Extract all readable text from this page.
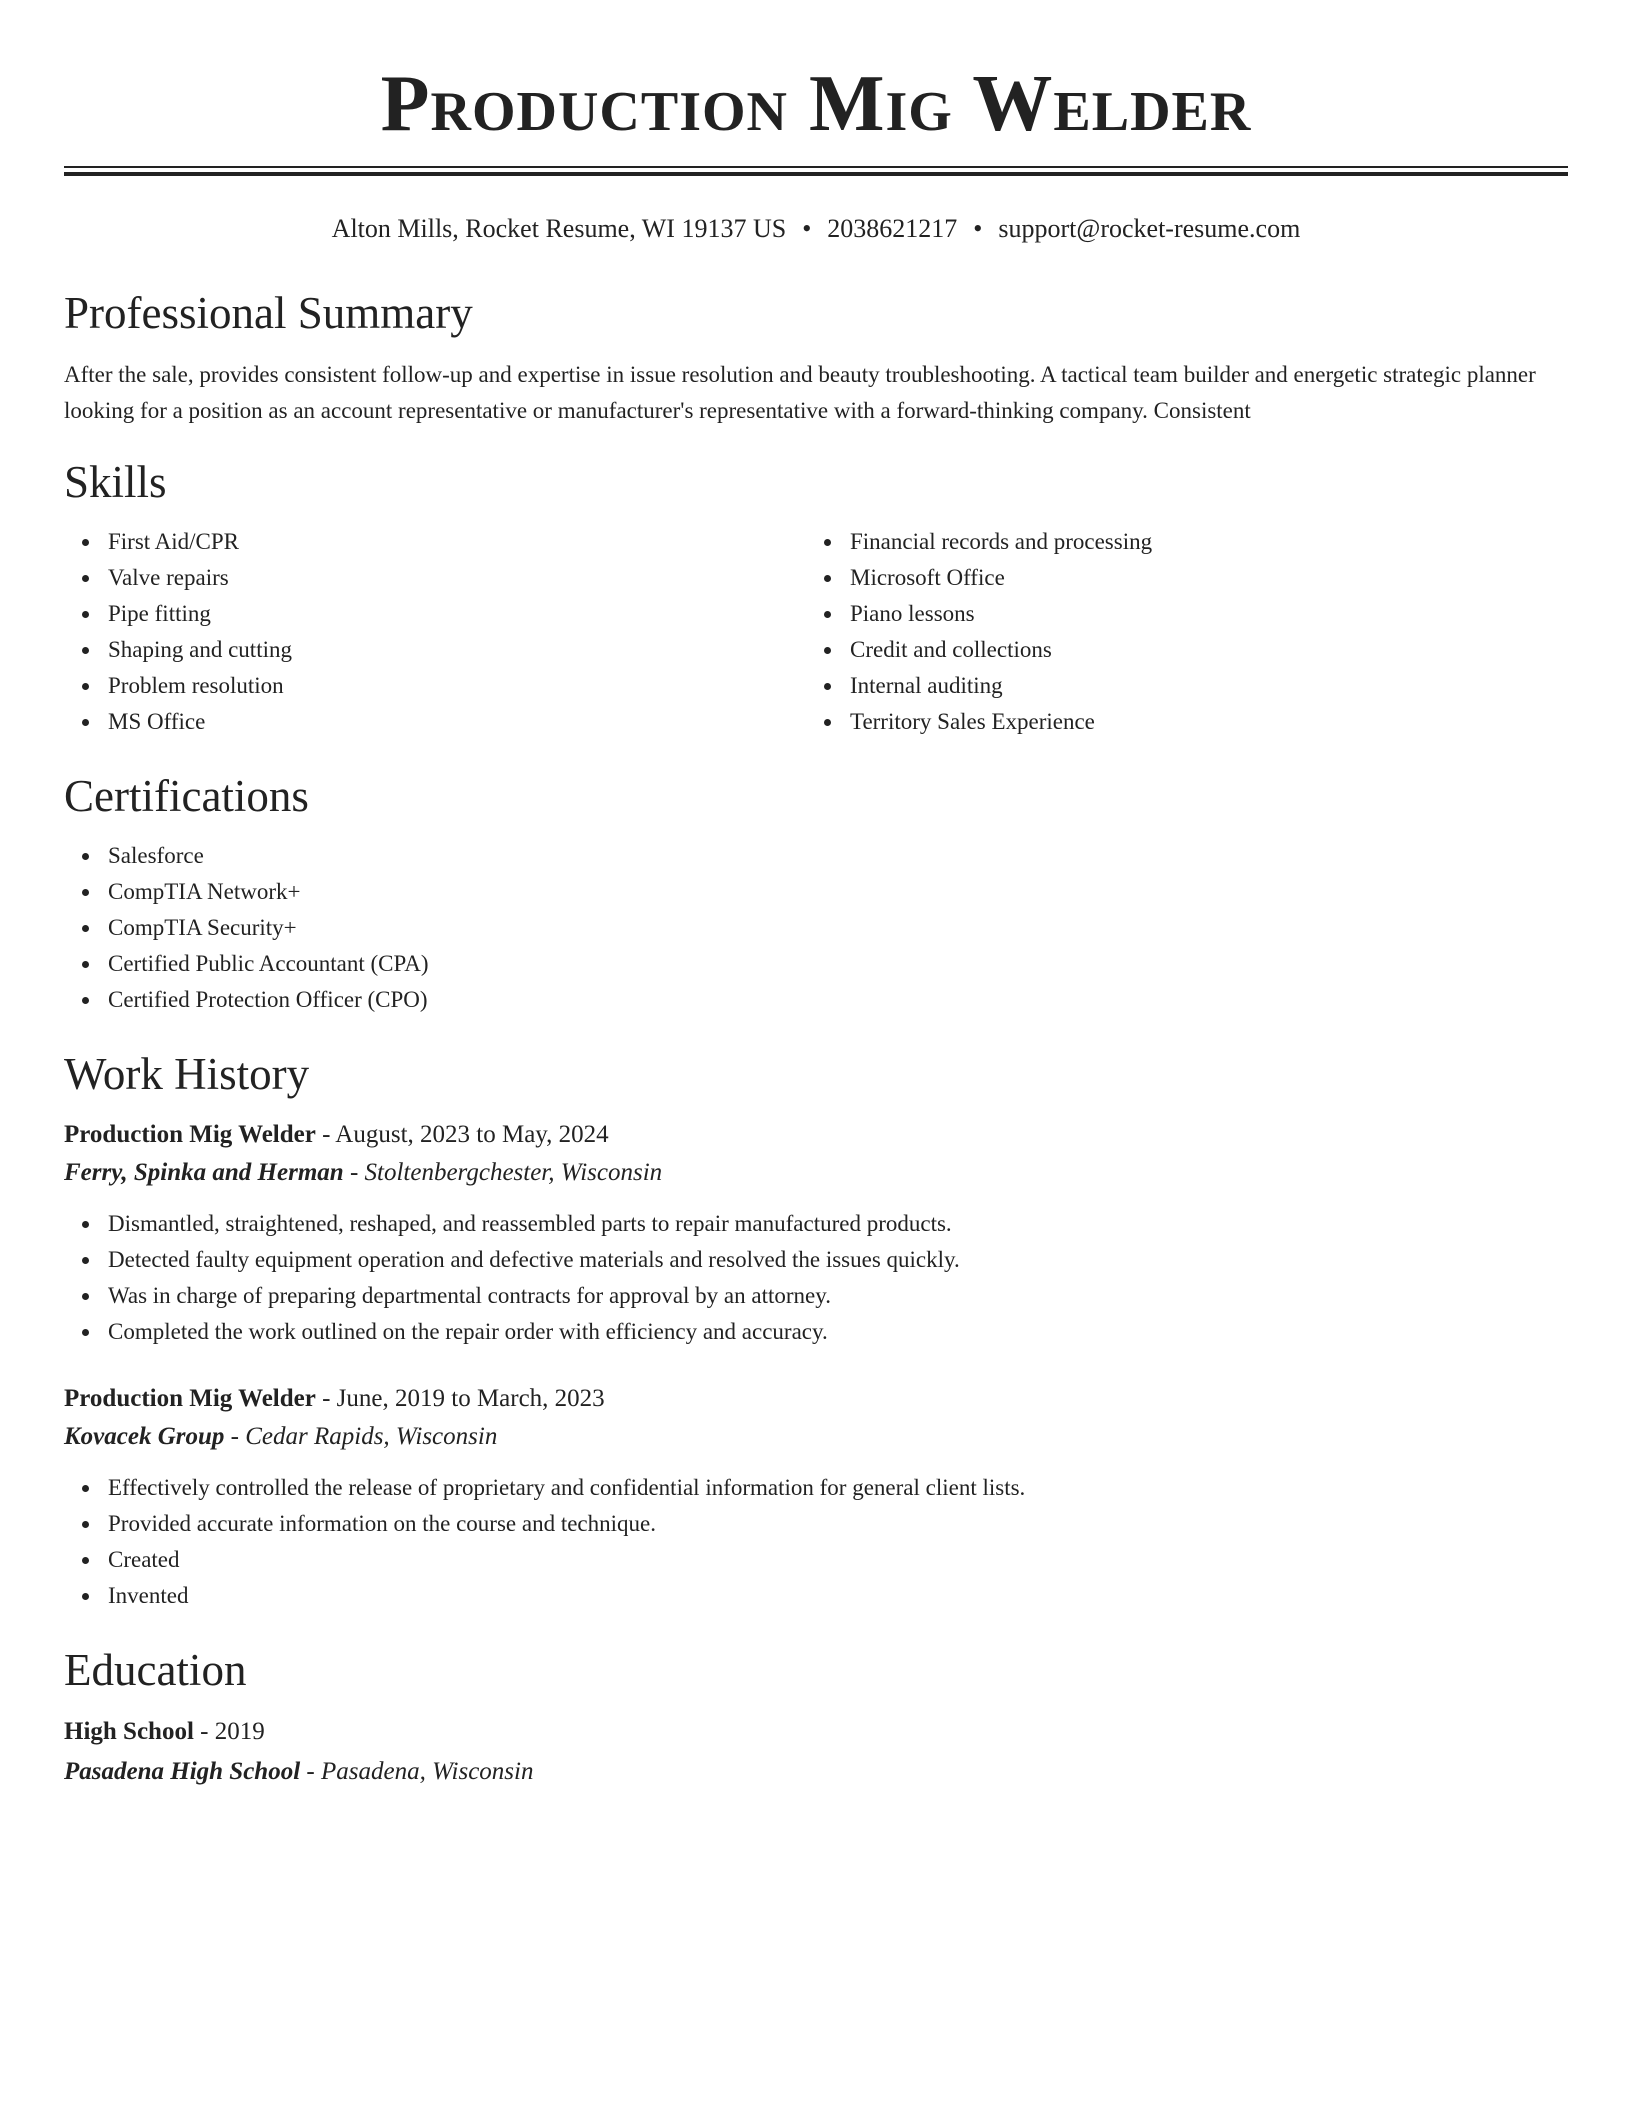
Production Mig Welder
Alton Mills, Rocket Resume, WI 19137 US • 2038621217 • support@rocket-resume.com
Professional Summary

After the sale, provides consistent follow-up and expertise in issue resolution and beauty troubleshooting. A tactical team builder and energetic strategic planner looking for a position as an account representative or manufacturer's representative with a forward-thinking company. Consistent

Skills
First Aid/CPR
Valve repairs
Pipe fitting
Shaping and cutting
Problem resolution
MS Office
Financial records and processing
Microsoft Office
Piano lessons
Credit and collections
Internal auditing
Territory Sales Experience
Certifications
Salesforce
CompTIA Network+
CompTIA Security+
Certified Public Accountant (CPA)
Certified Protection Officer (CPO)
Work History
Production Mig Welder - August, 2023 to May, 2024
Ferry, Spinka and Herman - Stoltenbergchester, Wisconsin
Dismantled, straightened, reshaped, and reassembled parts to repair manufactured products.
Detected faulty equipment operation and defective materials and resolved the issues quickly.
Was in charge of preparing departmental contracts for approval by an attorney.
Completed the work outlined on the repair order with efficiency and accuracy.
Production Mig Welder - June, 2019 to March, 2023
Kovacek Group - Cedar Rapids, Wisconsin
Effectively controlled the release of proprietary and confidential information for general client lists.
Provided accurate information on the course and technique.
Created
Invented
Education
High School - 2019
Pasadena High School - Pasadena, Wisconsin
